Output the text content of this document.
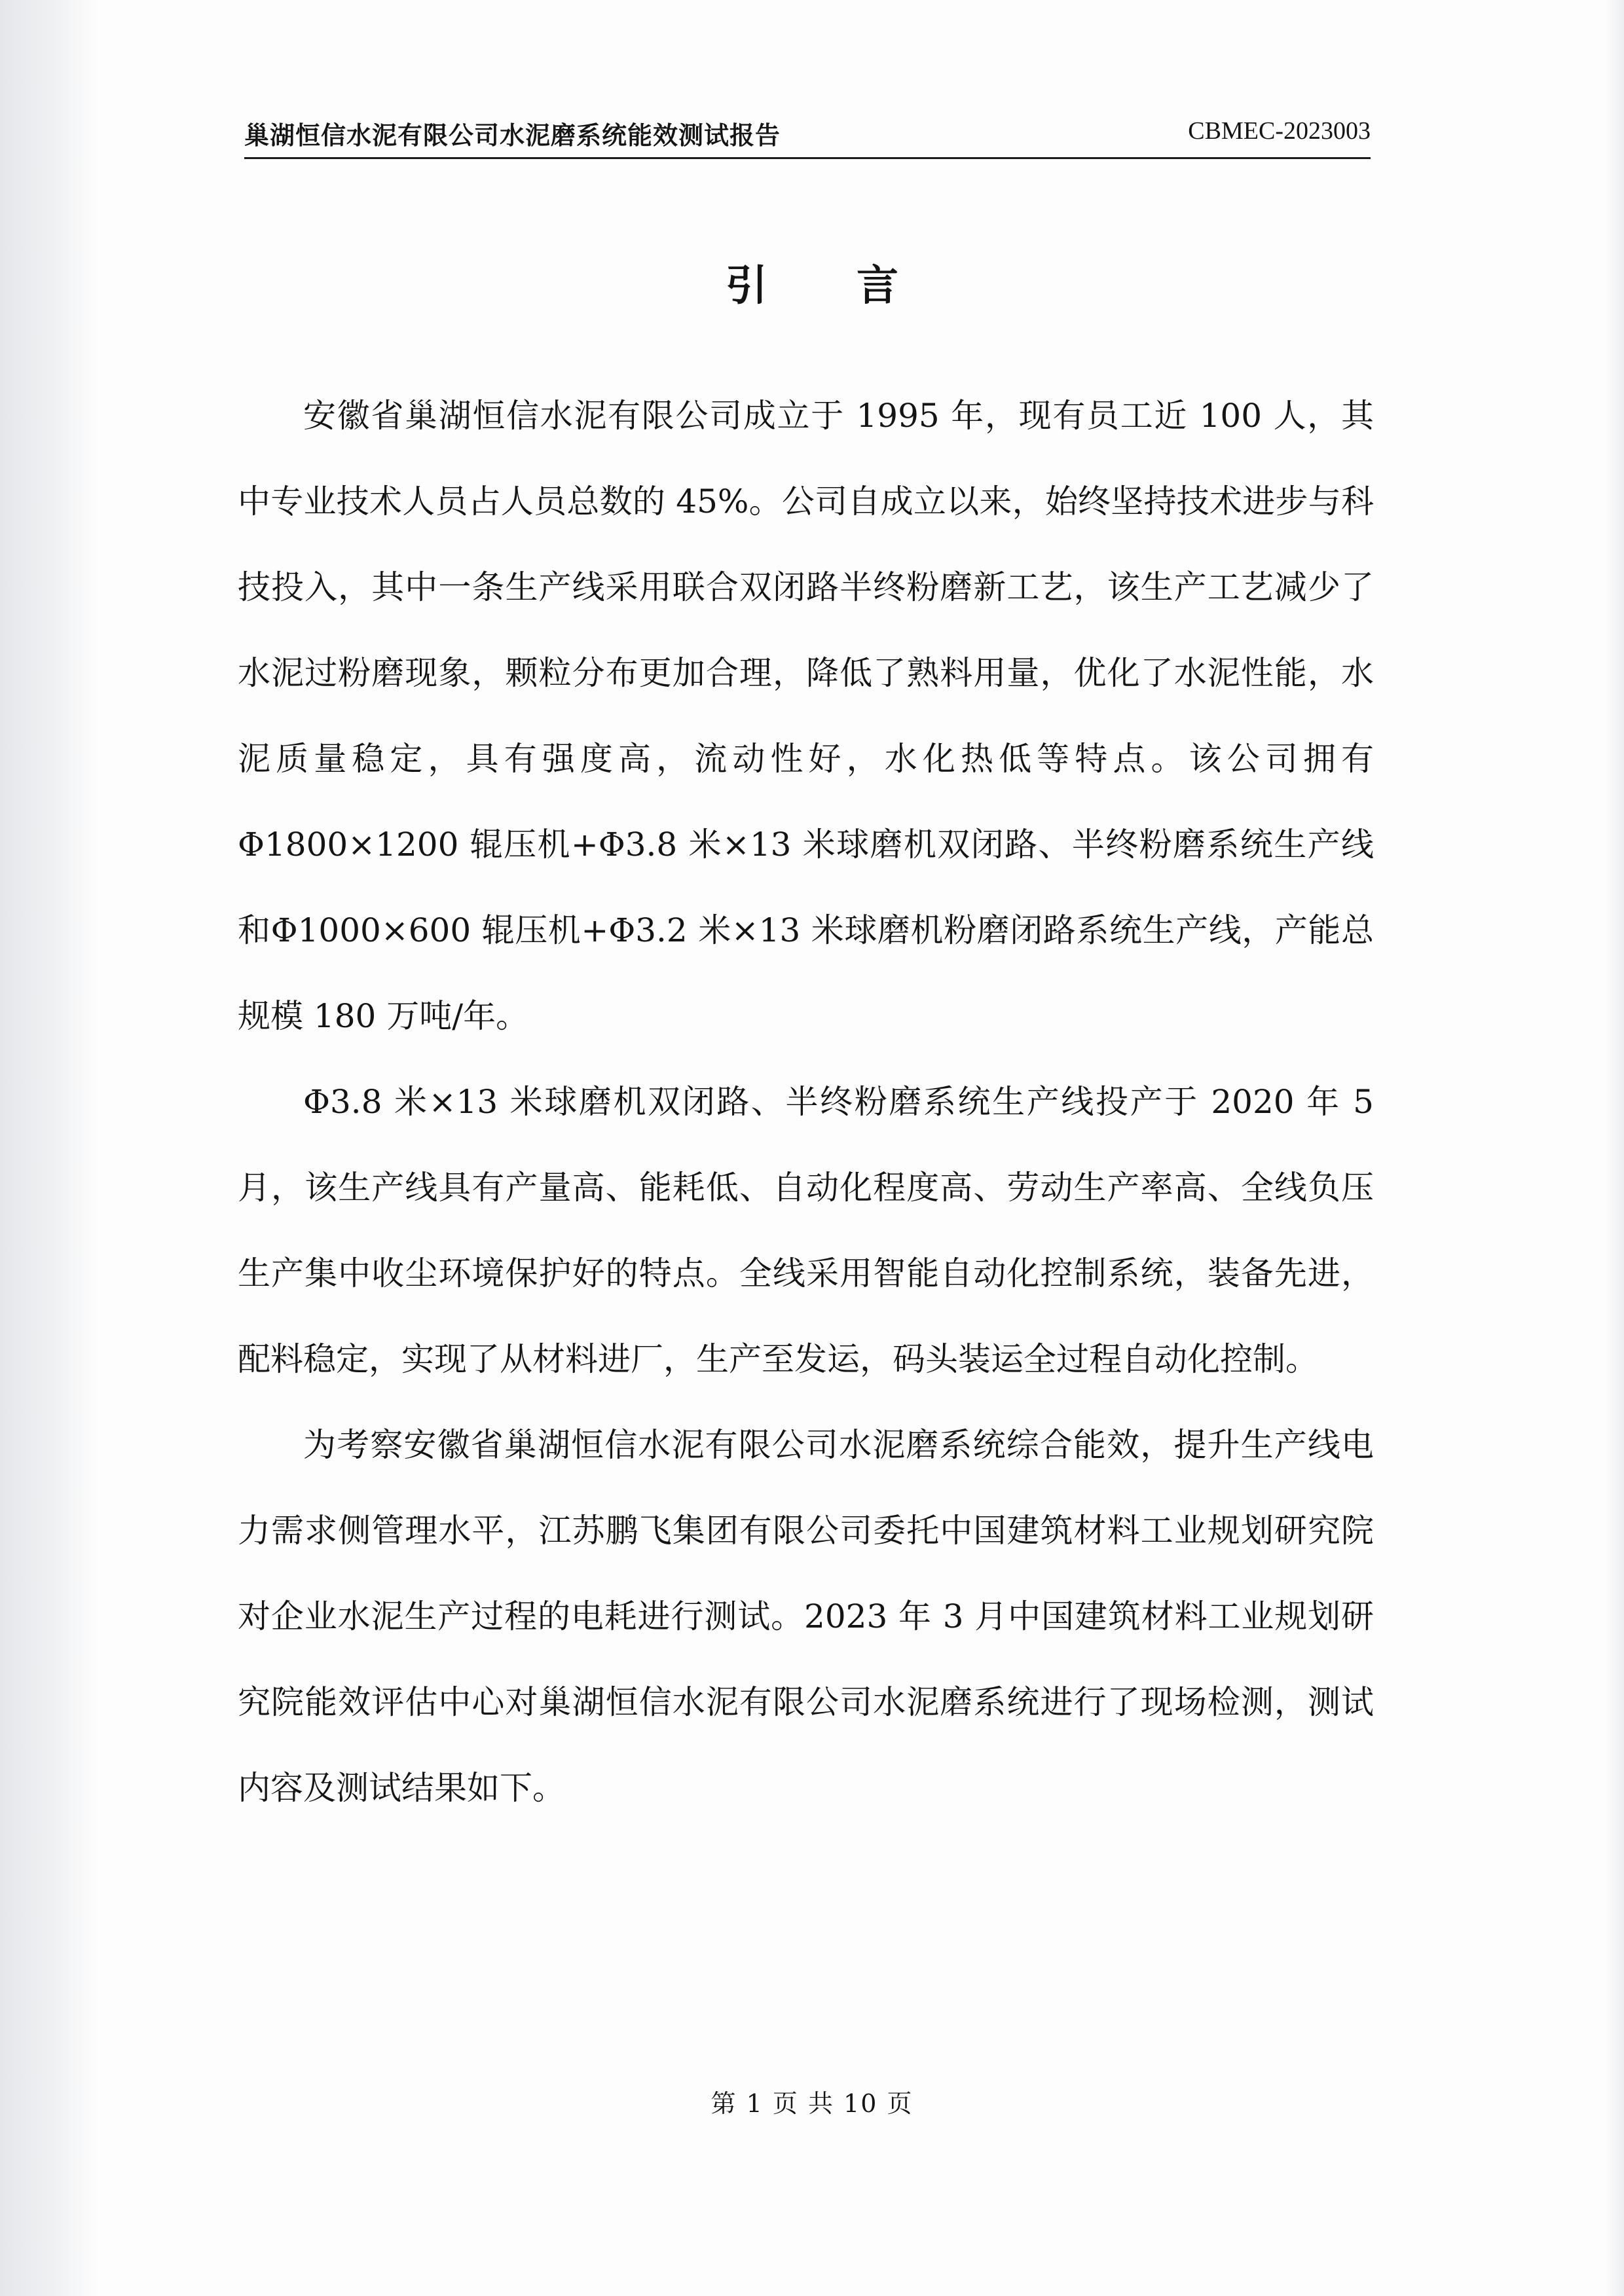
巢湖恒信水泥有限公司水泥磨系统能效测试报告	CBMEC-2023003
引言

安徽省巢湖恒信水泥有限公司成立于 1995 年，现有员工近 100 人，其中专业技术人员占人员总数的 45%。公司自成立以来，始终坚持技术进步与科技投入，其中一条生产线采用联合双闭路半终粉磨新工艺，该生产工艺减少了水泥过粉磨现象，颗粒分布更加合理，降低了熟料用量，优化了水泥性能，水泥质量稳定，具有强度高，流动性好，水化热低等特点。该公司拥有Φ1800×1200 辊压机+Φ3.8 米×13 米球磨机双闭路、半终粉磨系统生产线和Φ1000×600 辊压机+Φ3.2 米×13 米球磨机粉磨闭路系统生产线，产能总规模 180 万吨/年。

Φ3.8 米×13 米球磨机双闭路、半终粉磨系统生产线投产于 2020 年 5 月，该生产线具有产量高、能耗低、自动化程度高、劳动生产率高、全线负压生产集中收尘环境保护好的特点。全线采用智能自动化控制系统，装备先进，配料稳定，实现了从材料进厂，生产至发运，码头装运全过程自动化控制。

为考察安徽省巢湖恒信水泥有限公司水泥磨系统综合能效，提升生产线电力需求侧管理水平，江苏鹏飞集团有限公司委托中国建筑材料工业规划研究院对企业水泥生产过程的电耗进行测试。2023 年 3 月中国建筑材料工业规划研究院能效评估中心对巢湖恒信水泥有限公司水泥磨系统进行了现场检测，测试内容及测试结果如下。

第 1 页 共 10 页
